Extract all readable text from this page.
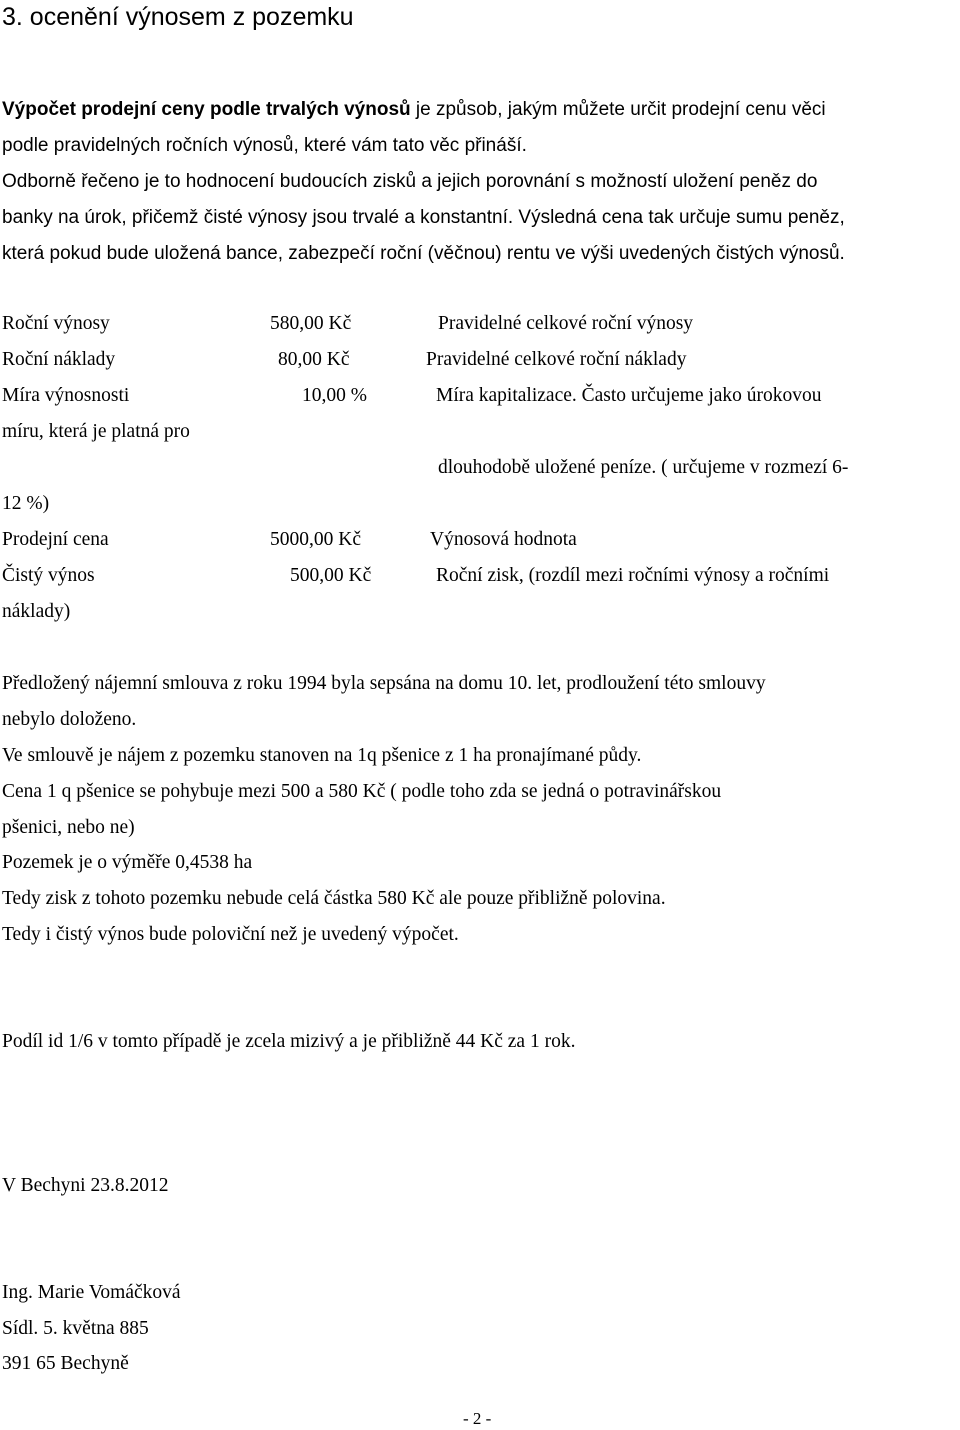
3. ocenění výnosem z pozemku

Výpočet prodejní ceny podle trvalých výnosů je způsob, jakým můžete určit prodejní cenu věci

podle pravidelných ročních výnosů, které vám tato věc přináší.

Odborně řečeno je to hodnocení budoucích zisků a jejich porovnání s možností uložení peněz do

banky na úrok, přičemž čisté výnosy jsou trvalé a konstantní. Výsledná cena tak určuje sumu peněz,

která pokud bude uložená bance, zabezpečí roční (věčnou) rentu ve výši uvedených čistých výnosů.

Roční výnosy	580,00 Kč	Pravidelné celkové roční výnosy
Roční náklady	80,00 Kč	Pravidelné celkové roční náklady
Míra výnosnosti	10,00 %	Míra kapitalizace. Často určujeme jako úrokovou
míru, která je platná pro
dlouhodobě uložené peníze. ( určujeme v rozmezí 6-
12 %)
Prodejní cena	5000,00 Kč	Výnosová hodnota
Čistý výnos	500,00 Kč	Roční zisk, (rozdíl mezi ročními výnosy a ročními
náklady)
Předložený nájemní smlouva z roku 1994 byla sepsána na domu 10. let, prodloužení této smlouvy
nebylo doloženo.
Ve smlouvě je nájem z pozemku stanoven na 1q pšenice z 1 ha pronajímané půdy.
Cena 1 q pšenice se pohybuje mezi 500 a 580 Kč ( podle toho zda se jedná o potravinářskou
pšenici, nebo ne)
Pozemek je o výměře 0,4538 ha
Tedy zisk z tohoto pozemku nebude celá částka 580 Kč ale pouze přibližně polovina.
Tedy i čistý výnos bude poloviční než je uvedený výpočet.
Podíl id 1/6 v tomto případě je zcela mizivý a je přibližně 44 Kč za 1 rok.
V Bechyni 23.8.2012
Ing. Marie Vomáčková
Sídl. 5. května 885
391 65 Bechyně
- 2 -
